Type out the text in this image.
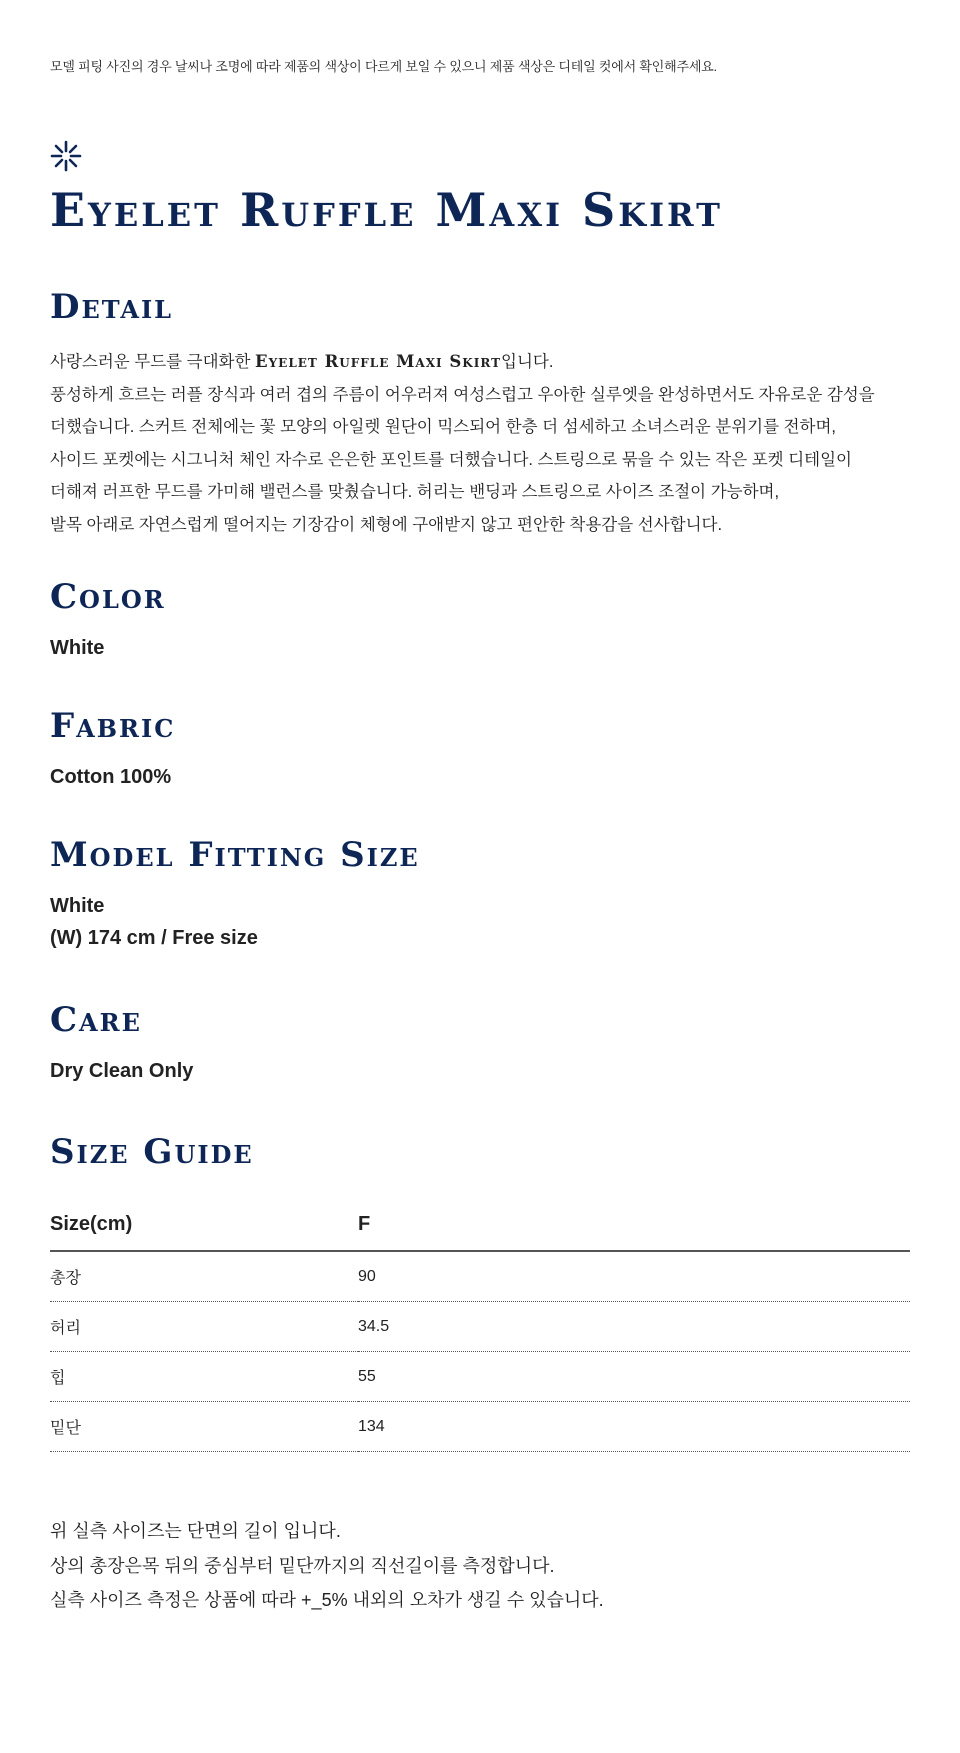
모델 피팅 사진의 경우 날씨나 조명에 따라 제품의 색상이 다르게 보일 수 있으니 제품 색상은 디테일 컷에서 확인해주세요.
Eyelet Ruffle Maxi Skirt
Detail
사랑스러운 무드를 극대화한 Eyelet Ruffle Maxi Skirt입니다.
풍성하게 흐르는 러플 장식과 여러 겹의 주름이 어우러져 여성스럽고 우아한 실루엣을 완성하면서도 자유로운 감성을
더했습니다. 스커트 전체에는 꽃 모양의 아일렛 원단이 믹스되어 한층 더 섬세하고 소녀스러운 분위기를 전하며,
사이드 포켓에는 시그니처 체인 자수로 은은한 포인트를 더했습니다. 스트링으로 묶을 수 있는 작은 포켓 디테일이
더해져 러프한 무드를 가미해 밸런스를 맞췄습니다. 허리는 밴딩과 스트링으로 사이즈 조절이 가능하며,
발목 아래로 자연스럽게 떨어지는 기장감이 체형에 구애받지 않고 편안한 착용감을 선사합니다.
Color
White
Fabric
Cotton 100%
Model Fitting Size
White
(W) 174 cm / Free size
Care
Dry Clean Only
Size Guide
Size(cm)	F
총장	90
허리	34.5
힙	55
밑단	134
위 실측 사이즈는 단면의 길이 입니다.
상의 총장은목 뒤의 중심부터 밑단까지의 직선길이를 측정합니다.
실측 사이즈 측정은 상품에 따라 +_5% 내외의 오차가 생길 수 있습니다.
